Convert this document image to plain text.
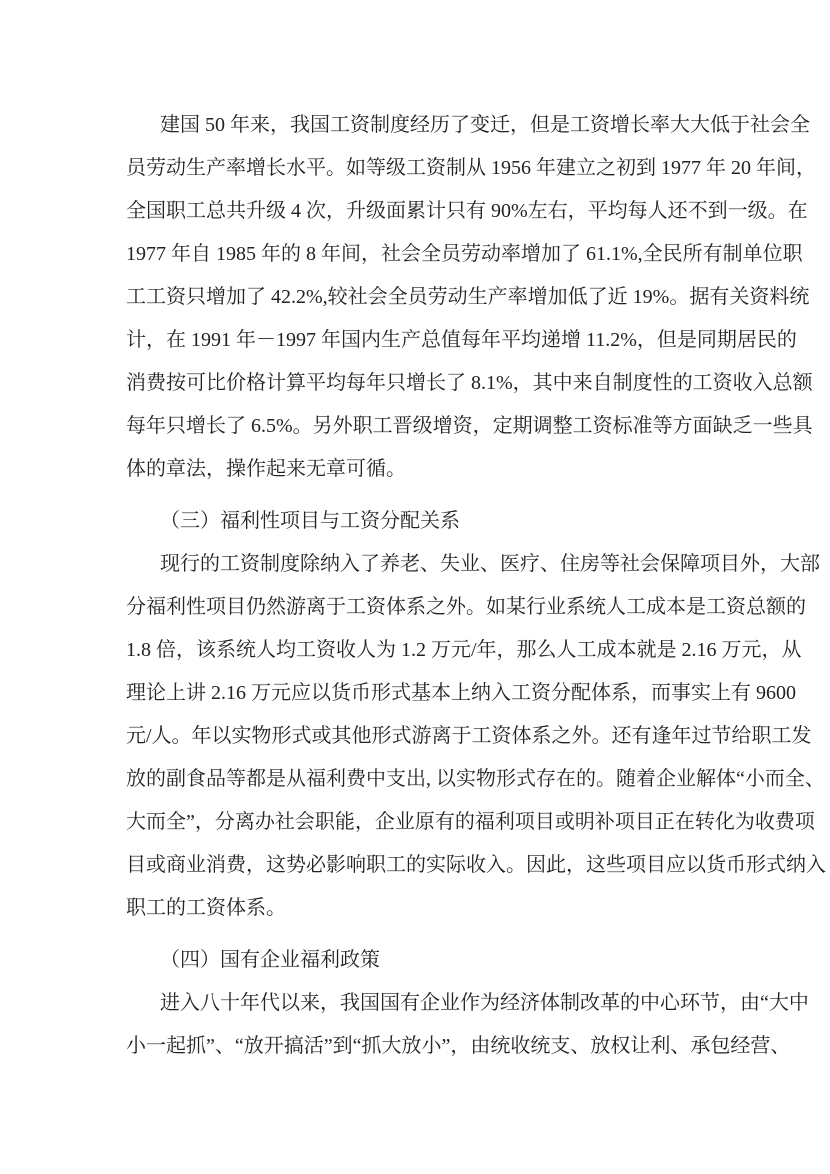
建国 50 年来，我国工资制度经历了变迁，但是工资增长率大大低于社会全
员劳动生产率增长水平。如等级工资制从 1956 年建立之初到 1977 年 20 年间，
全国职工总共升级 4 次，升级面累计只有 90%左右，平均每人还不到一级。在
1977 年自 1985 年的 8 年间，社会全员劳动率增加了 61.1%,全民所有制单位职
工工资只增加了 42.2%,较社会全员劳动生产率增加低了近 19%。据有关资料统
计，在 1991 年－1997 年国内生产总值每年平均递增 11.2%，但是同期居民的
消费按可比价格计算平均每年只增长了 8.1%，其中来自制度性的工资收入总额
每年只增长了 6.5%。另外职工晋级增资，定期调整工资标准等方面缺乏一些具
体的章法，操作起来无章可循。
（三）福利性项目与工资分配关系
现行的工资制度除纳入了养老、失业、医疗、住房等社会保障项目外，大部
分福利性项目仍然游离于工资体系之外。如某行业系统人工成本是工资总额的
1.8 倍，该系统人均工资收人为 1.2 万元/年，那么人工成本就是 2.16 万元，从
理论上讲 2.16 万元应以货币形式基本上纳入工资分配体系，而事实上有 9600
元/人。年以实物形式或其他形式游离于工资体系之外。还有逢年过节给职工发
放的副食品等都是从福利费中支出, 以实物形式存在的。随着企业解体“小而全、
大而全”，分离办社会职能，企业原有的福利项目或明补项目正在转化为收费项
目或商业消费，这势必影响职工的实际收入。因此，这些项目应以货币形式纳入
职工的工资体系。
（四）国有企业福利政策
进入八十年代以来，我国国有企业作为经济体制改革的中心环节，由“大中
小一起抓”、“放开搞活”到“抓大放小”，由统收统支、放权让利、承包经营、
